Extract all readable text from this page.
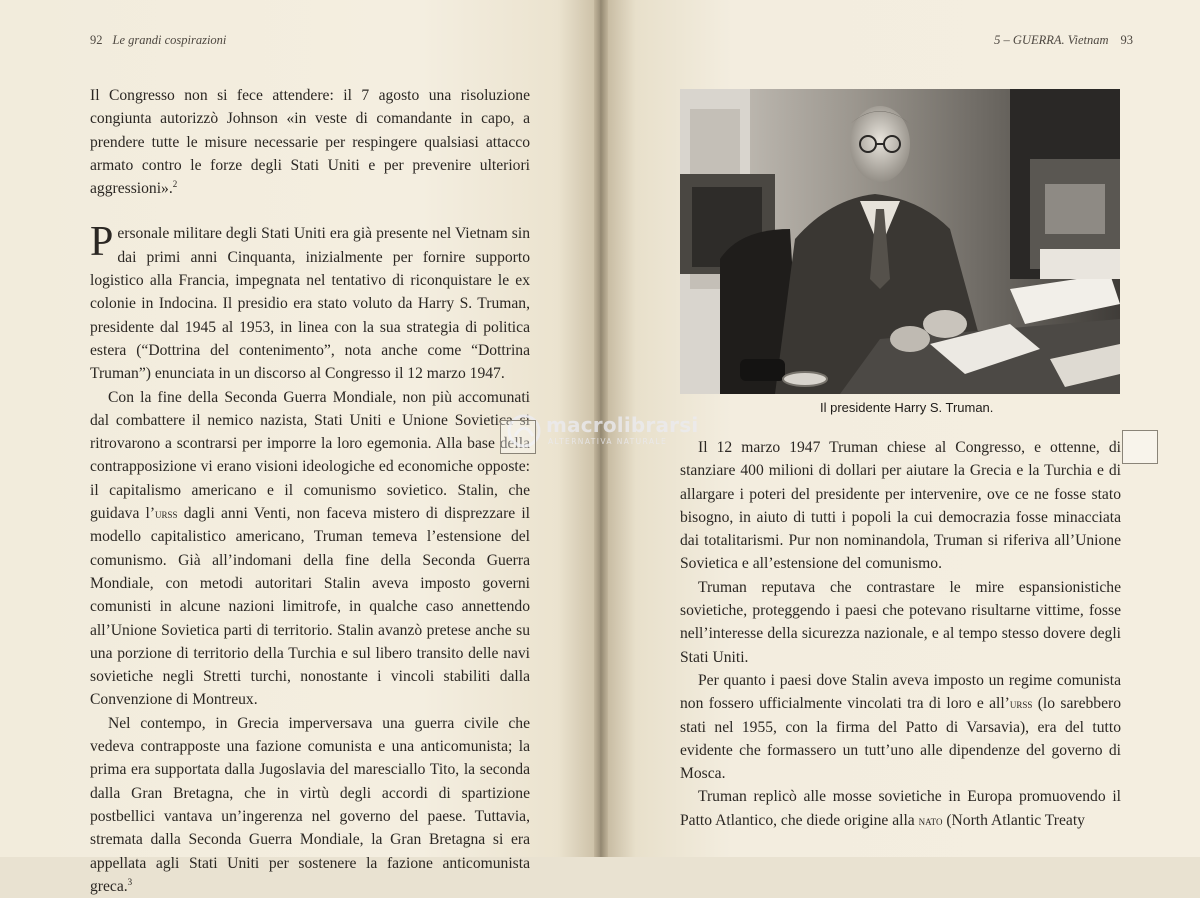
92 Le grandi cospirazioni

Il Congresso non si fece attendere: il 7 agosto una risoluzione congiunta autorizzò Johnson «in veste di comandante in capo, a prendere tutte le misure necessarie per respingere qualsiasi attacco armato contro le forze degli Stati Uniti e per prevenire ulteriori aggressioni».$^2$

Personale militare degli Stati Uniti era già presente nel Vietnam sin dai primi anni Cinquanta, inizialmente per fornire supporto logistico alla Francia, impegnata nel tentativo di riconquistare le ex colonie in Indocina. Il presidio era stato voluto da Harry S. Truman, presidente dal 1945 al 1953, in linea con la sua strategia di politica estera (“Dottrina del contenimento”, nota anche come “Dottrina Truman”) enunciata in un discorso al Congresso il 12 marzo 1947.

Con la fine della Seconda Guerra Mondiale, non più accomunati dal combattere il nemico nazista, Stati Uniti e Unione Sovietica si ritrovarono a scontrarsi per imporre la loro egemonia. Alla base della contrapposizione vi erano visioni ideologiche ed economiche opposte: il capitalismo americano e il comunismo sovietico. Stalin, che guidava l’urss dagli anni Venti, non faceva mistero di disprezzare il modello capitalistico americano, Truman temeva l’estensione del comunismo. Già all’indomani della fine della Seconda Guerra Mondiale, con metodi autoritari Stalin aveva imposto governi comunisti in alcune nazioni limitrofe, in qualche caso annettendo all’Unione Sovietica parti di territorio. Stalin avanzò pretese anche su una porzione di territorio della Turchia e sul libero transito delle navi sovietiche negli Stretti turchi, nonostante i vincoli stabiliti dalla Convenzione di Montreux.

Nel contempo, in Grecia imperversava una guerra civile che vedeva contrapposte una fazione comunista e una anticomunista; la prima era supportata dalla Jugoslavia del maresciallo Tito, la seconda dalla Gran Bretagna, che in virtù degli accordi di spartizione postbellici vantava un’ingerenza nel governo del paese. Tuttavia, stremata dalla Seconda Guerra Mondiale, la Gran Bretagna si era appellata agli Stati Uniti per sostenere la fazione anticomunista greca.$^3$

5 – GUERRA. Vietnam 93
Il presidente Harry S. Truman.

Il 12 marzo 1947 Truman chiese al Congresso, e ottenne, di stanziare 400 milioni di dollari per aiutare la Grecia e la Turchia e di allargare i poteri del presidente per intervenire, ove ce ne fosse stato bisogno, in aiuto di tutti i popoli la cui democrazia fosse minacciata dai totalitarismi. Pur non nominandola, Truman si riferiva all’Unione Sovietica e all’estensione del comunismo.

Truman reputava che contrastare le mire espansionistiche sovietiche, proteggendo i paesi che potevano risultarne vittime, fosse nell’interesse della sicurezza nazionale, e al tempo stesso dovere degli Stati Uniti.

Per quanto i paesi dove Stalin aveva imposto un regime comunista non fossero ufficialmente vincolati tra di loro e all’urss (lo sarebbero stati nel 1955, con la firma del Patto di Varsavia), era del tutto evidente che formassero un tutt’uno alle dipendenze del governo di Mosca.

Truman replicò alle mosse sovietiche in Europa promuovendo il Patto Atlantico, che diede origine alla nato (North Atlantic Treaty

macrolibrarsi
ALTERNATIVA NATURALE
